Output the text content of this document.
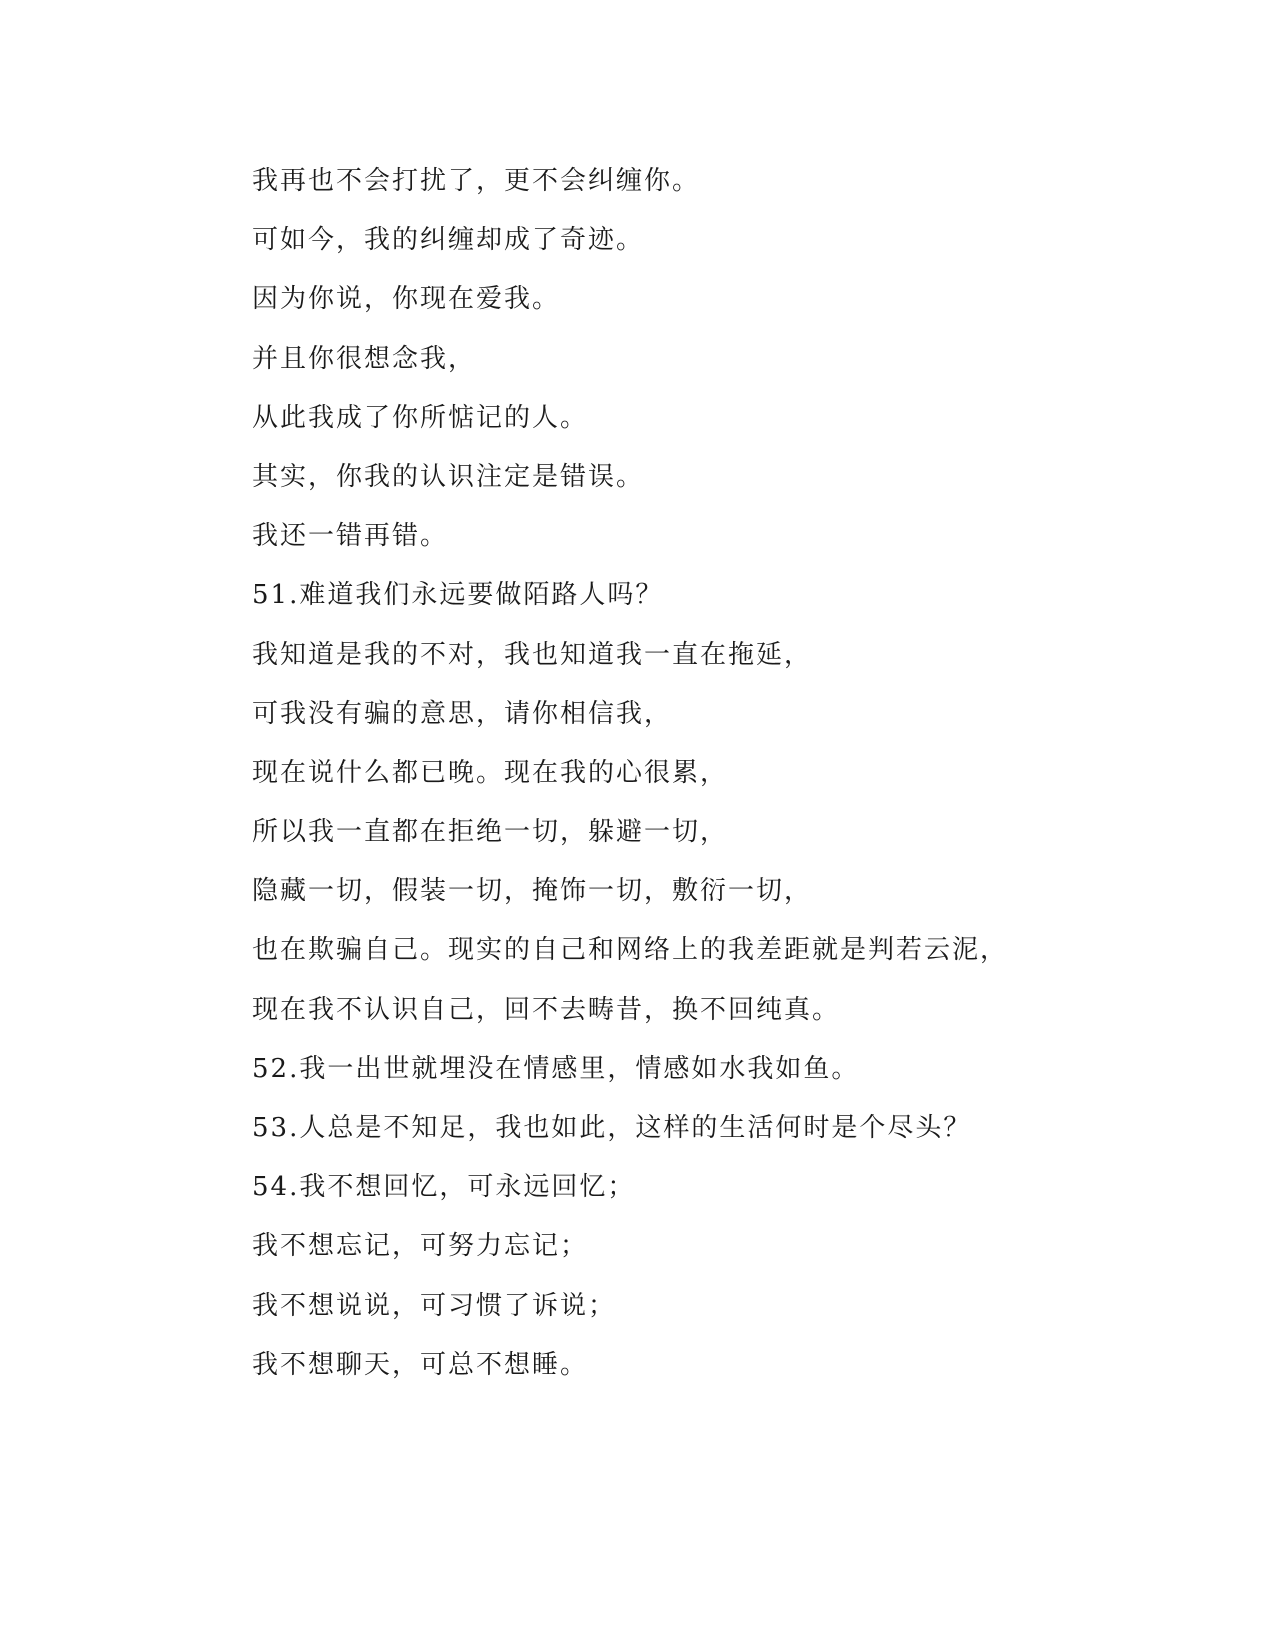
我再也不会打扰了，更不会纠缠你。
可如今，我的纠缠却成了奇迹。
因为你说，你现在爱我。
并且你很想念我，
从此我成了你所惦记的人。
其实，你我的认识注定是错误。
我还一错再错。
51.难道我们永远要做陌路人吗？
我知道是我的不对，我也知道我一直在拖延，
可我没有骗的意思，请你相信我，
现在说什么都已晚。现在我的心很累，
所以我一直都在拒绝一切，躲避一切，
隐藏一切，假装一切，掩饰一切，敷衍一切，
也在欺骗自己。现实的自己和网络上的我差距就是判若云泥，
现在我不认识自己，回不去畴昔，换不回纯真。
52.我一出世就埋没在情感里，情感如水我如鱼。
53.人总是不知足，我也如此，这样的生活何时是个尽头？
54.我不想回忆，可永远回忆；
我不想忘记，可努力忘记；
我不想说说，可习惯了诉说；
我不想聊天，可总不想睡。
